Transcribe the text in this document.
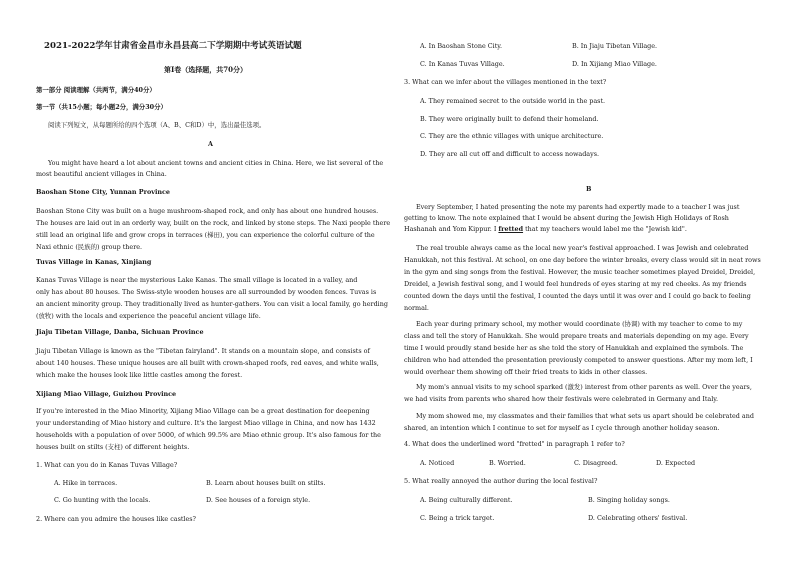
2021-2022学年甘肃省金昌市永昌县高二下学期期中考试英语试题
第I卷（选择题，共70分）
第一部分 阅读理解（共两节，满分40分）
第一节（共15小题；每小题2分，满分30分）
阅读下列短文，从每题所给的四个选项（A、B、C和D）中，选出最佳选项。
A
You might have heard a lot about ancient towns and ancient cities in China. Here, we list several of the
most beautiful ancient villages in China.
Baoshan Stone City, Yunnan Province
Baoshan Stone City was built on a huge mushroom-shaped rock, and only has about one hundred houses.
The houses are laid out in an orderly way, built on the rock, and linked by stone steps. The Naxi people there
still lead an original life and grow crops in terraces (梯田), you can experience the colorful culture of the
Naxi ethnic (民族的) group there.
Tuvas Village in Kanas, Xinjiang
Kanas Tuvas Village is near the mysterious Lake Kanas. The small village is located in a valley, and
only has about 80 houses. The Swiss-style wooden houses are all surrounded by wooden fences. Tuvas is
an ancient minority group. They traditionally lived as hunter-gathers. You can visit a local family, go herding
(放牧) with the locals and experience the peaceful ancient village life.
Jiaju Tibetan Village, Danba, Sichuan Province
Jiaju Tibetan Village is known as the "Tibetan fairyland". It stands on a mountain slope, and consists of
about 140 houses. These unique houses are all built with crown-shaped roofs, red eaves, and white walls,
which make the houses look like little castles among the forest.
Xijiang Miao Village, Guizhou Province
If you're interested in the Miao Minority, Xijiang Miao Village can be a great destination for deepening
your understanding of Miao history and culture. It's the largest Miao village in China, and now has 1432
households with a population of over 5000, of which 99.5% are Miao ethnic group. It's also famous for the
houses built on stilts (支柱) of different heights.
1. What can you do in Kanas Tuvas Village?
A. Hike in terraces.	B. Learn about houses built on stilts.
C. Go hunting with the locals.	D. See houses of a foreign style.
2. Where can you admire the houses like castles?
A. In Baoshan Stone City.	B. In Jiaju Tibetan Village.
C. In Kanas Tuvas Village.	D. In Xijiang Miao Village.
3. What can we infer about the villages mentioned in the text?
A. They remained secret to the outside world in the past.
B. They were originally built to defend their homeland.
C. They are the ethnic villages with unique architecture.
D. They are all cut off and difficult to access nowadays.
B
Every September, I hated presenting the note my parents had expertly made to a teacher I was just
getting to know. The note explained that I would be absent during the Jewish High Holidays of Rosh
Hashanah and Yom Kippur. I fretted that my teachers would label me the "Jewish kid".
The real trouble always came as the local new year's festival approached. I was Jewish and celebrated
Hanukkah, not this festival. At school, on one day before the winter breaks, every class would sit in neat rows
in the gym and sing songs from the festival. However, the music teacher sometimes played Dreidel, Dreidel,
Dreidel, a Jewish festival song, and I would feel hundreds of eyes staring at my red cheeks. As my friends
counted down the days until the festival, I counted the days until it was over and I could go back to feeling
normal.
Each year during primary school, my mother would coordinate (协调) with my teacher to come to my
class and tell the story of Hanukkah. She would prepare treats and materials depending on my age. Every
time I would proudly stand beside her as she told the story of Hanukkah and explained the symbols. The
children who had attended the presentation previously competed to answer questions. After my mom left, I
would overhear them showing off their fried treats to kids in other classes.
My mom's annual visits to my school sparked (激发) interest from other parents as well. Over the years,
we had visits from parents who shared how their festivals were celebrated in Germany and Italy.
My mom showed me, my classmates and their families that what sets us apart should be celebrated and
shared, an intention which I continue to set for myself as I cycle through another holiday season.
4. What does the underlined word "fretted" in paragraph 1 refer to?
A. Noticed	B. Worried.	C. Disagreed.	D. Expected
5. What really annoyed the author during the local festival?
A. Being culturally different.	B. Singing holiday songs.
C. Being a trick target.	D. Celebrating others' festival.
